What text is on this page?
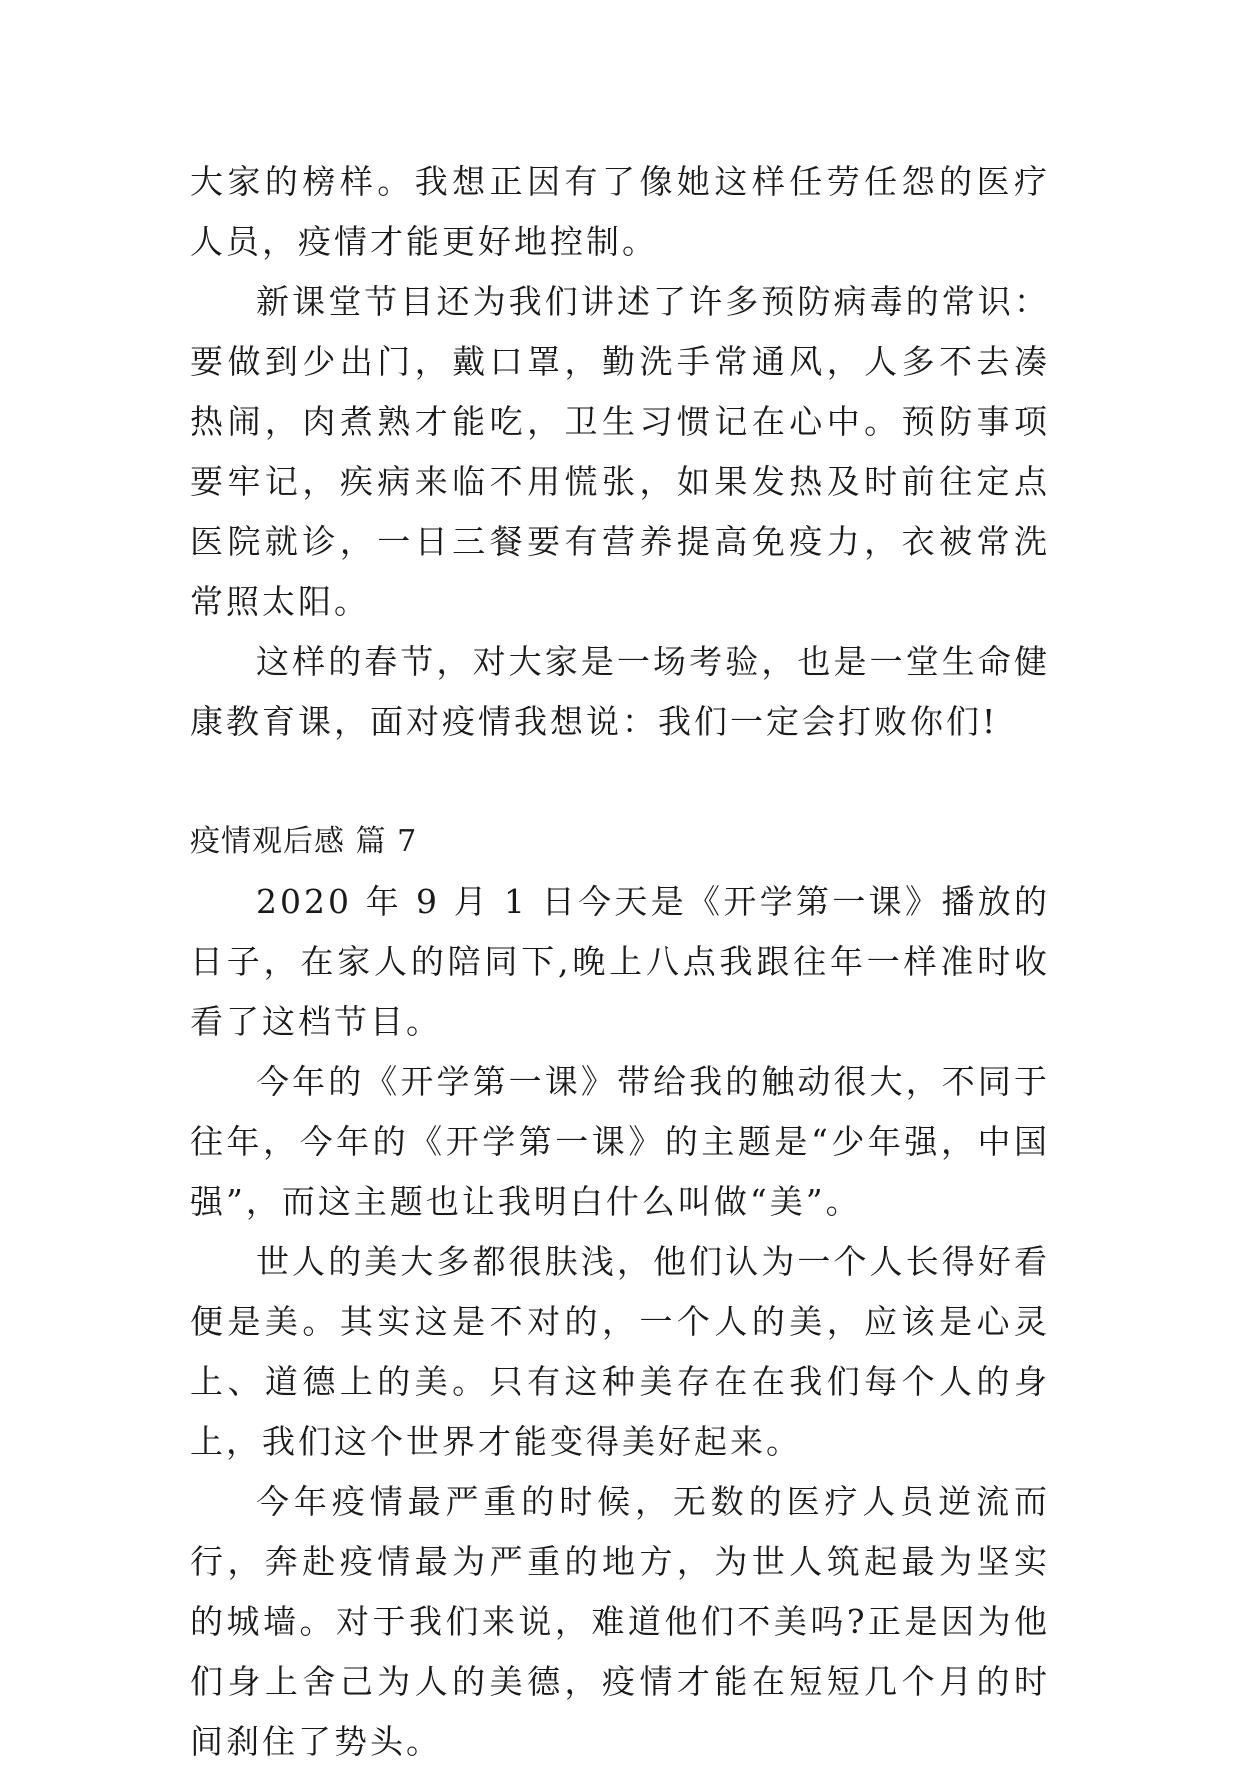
大家的榜样。我想正因有了像她这样任劳任怨的医疗人员，疫情才能更好地控制。

新课堂节目还为我们讲述了许多预防病毒的常识：要做到少出门，戴口罩，勤洗手常通风，人多不去凑热闹，肉煮熟才能吃，卫生习惯记在心中。预防事项要牢记，疾病来临不用慌张，如果发热及时前往定点医院就诊，一日三餐要有营养提高免疫力，衣被常洗常照太阳。

这样的春节，对大家是一场考验，也是一堂生命健康教育课，面对疫情我想说：我们一定会打败你们!

疫情观后感 篇 7

2020 年 9 月 1 日今天是《开学第一课》播放的日子，在家人的陪同下,晚上八点我跟往年一样准时收看了这档节目。

今年的《开学第一课》带给我的触动很大，不同于往年，今年的《开学第一课》的主题是“少年强，中国强”，而这主题也让我明白什么叫做“美”。

世人的美大多都很肤浅，他们认为一个人长得好看便是美。其实这是不对的，一个人的美，应该是心灵上、道德上的美。只有这种美存在在我们每个人的身上，我们这个世界才能变得美好起来。

今年疫情最严重的时候，无数的医疗人员逆流而行，奔赴疫情最为严重的地方，为世人筑起最为坚实的城墙。对于我们来说，难道他们不美吗?正是因为他们身上舍己为人的美德，疫情才能在短短几个月的时间刹住了势头。
